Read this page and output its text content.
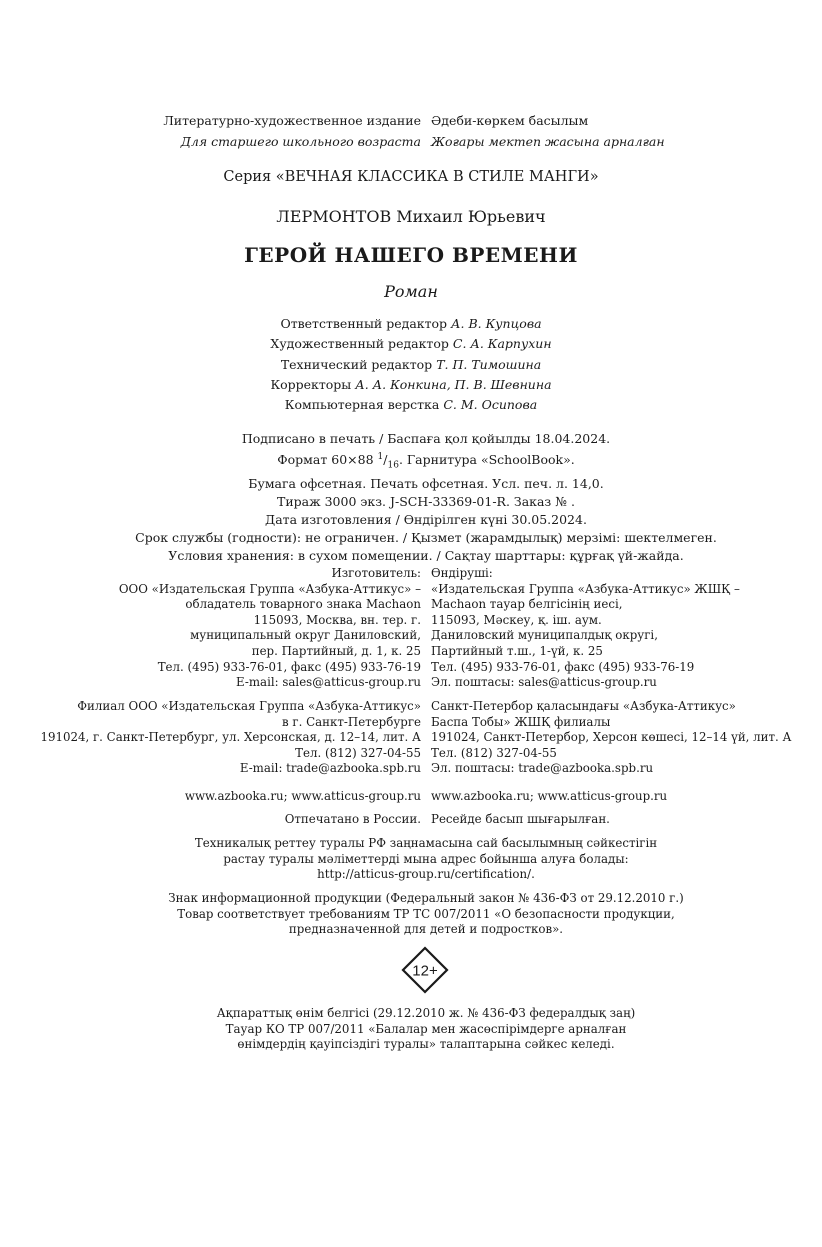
Литературно-художественное издание Әдеби-көркем басылым
Для старшего школьного возраста Жоғары мектеп жасына арналған
Серия «ВЕЧНАЯ КЛАССИКА В СТИЛЕ МАНГИ»
ЛЕРМОНТОВ Михаил Юрьевич
ГЕРОЙ НАШЕГО ВРЕМЕНИ
Роман
Ответственный редактор А. В. Купцова
Художественный редактор С. А. Карпухин
Технический редактор Т. П. Тимошина
Корректоры А. А. Конкина, П. В. Шевнина
Компьютерная верстка С. М. Осипова
Подписано в печать / Баспаға қол қойылды 18.04.2024.
Формат 60×88 $^1/_{16}$. Гарнитура «SchoolBook».
Бумага офсетная. Печать офсетная. Усл. печ. л. 14,0.
Тираж 3000 экз. J-SCH-33369-01-R. Заказ № .
Дата изготовления / Өндірілген күні 30.05.2024.
Срок службы (годности): не ограничен. / Қызмет (жарамдылық) мерзімі: шектелмеген.
Условия хранения: в сухом помещении. / Сақтау шарттары: құрғақ үй-жайда.
Изготовитель:
ООО «Издательская Группа «Азбука-Аттикус» –
обладатель товарного знака Machaon
115093, Москва, вн. тер. г.
муниципальный округ Даниловский,
пер. Партийный, д. 1, к. 25
Тел. (495) 933-76-01, факс (495) 933-76-19
E-mail: sales@atticus-group.ru
Өндіруші:
«Издательская Группа «Азбука-Аттикус» ЖШҚ –
Machaon тауар белгісінің иесі,
115093, Мәскеу, қ. іш. аум.
Даниловский муниципалдық округі,
Партийный т.ш., 1-үй, к. 25
Тел. (495) 933-76-01, факс (495) 933-76-19
Эл. поштасы: sales@atticus-group.ru
Филиал ООО «Издательская Группа «Азбука-Аттикус»
в г. Санкт-Петербурге
191024, г. Санкт-Петербург, ул. Херсонская, д. 12–14, лит. А
Тел. (812) 327-04-55
E-mail: trade@azbooka.spb.ru
Санкт-Петербор қаласындағы «Азбука-Аттикус»
Баспа Тобы» ЖШҚ филиалы
191024, Санкт-Петербор, Херсон көшесі, 12–14 үй, лит. А
Тел. (812) 327-04-55
Эл. поштасы: trade@azbooka.spb.ru
www.azbooka.ru; www.atticus-group.ru www.azbooka.ru; www.atticus-group.ru
Отпечатано в России. Ресейде басып шығарылған.
Техникалық реттеу туралы РФ заңнамасына сай басылымның сәйкестігін
растау туралы мәліметтерді мына адрес бойынша алуға болады:
http://atticus-group.ru/certification/.
Знак информационной продукции (Федеральный закон № 436-ФЗ от 29.12.2010 г.)
Товар соответствует требованиям ТР ТС 007/2011 «О безопасности продукции,
предназначенной для детей и подростков».
12+
Ақпараттық өнім белгісі (29.12.2010 ж. № 436-ФЗ федералдық заң)
Тауар КО ТР 007/2011 «Балалар мен жасөспірімдерге арналған
өнімдердің қауіпсіздігі туралы» талаптарына сәйкес келеді.
